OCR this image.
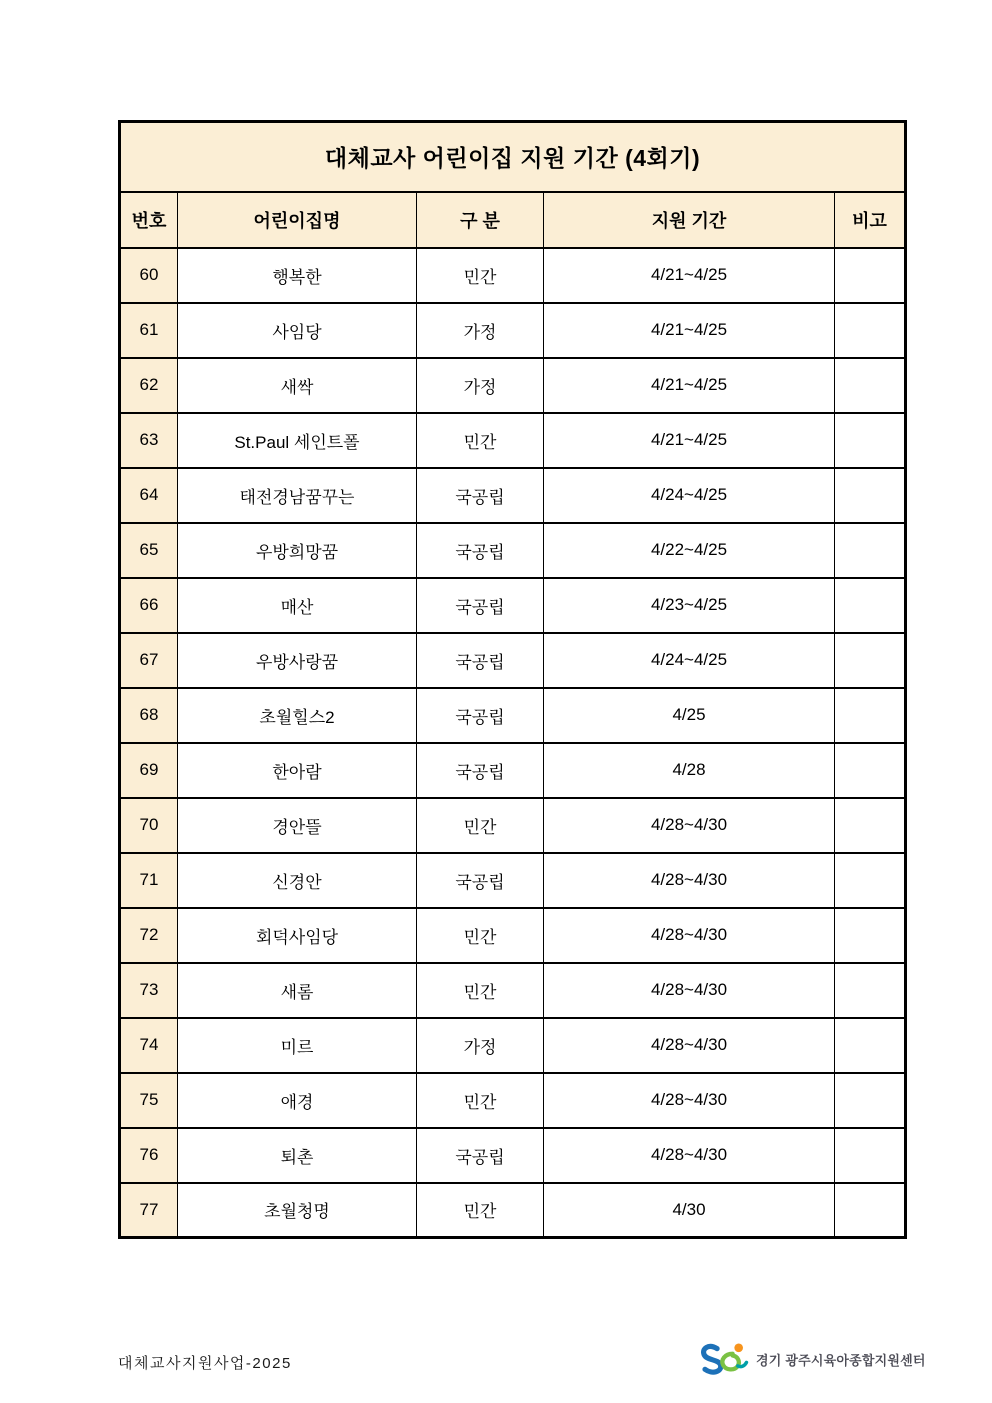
대체교사 어린이집 지원 기간 (4회기)				
번호	어린이집명	구 분	지원 기간	비고
60	행복한	민간	4/21~4/25	
61	사임당	가정	4/21~4/25	
62	새싹	가정	4/21~4/25	
63	St.Paul 세인트폴	민간	4/21~4/25	
64	태전경남꿈꾸는	국공립	4/24~4/25	
65	우방희망꿈	국공립	4/22~4/25	
66	매산	국공립	4/23~4/25	
67	우방사랑꿈	국공립	4/24~4/25	
68	초월힐스2	국공립	4/25	
69	한아람	국공립	4/28	
70	경안뜰	민간	4/28~4/30	
71	신경안	국공립	4/28~4/30	
72	회덕사임당	민간	4/28~4/30	
73	새롬	민간	4/28~4/30	
74	미르	가정	4/28~4/30	
75	애경	민간	4/28~4/30	
76	퇴촌	국공립	4/28~4/30	
77	초월청명	민간	4/30	
대체교사지원사업-2025	경기 광주시육아종합지원센터
